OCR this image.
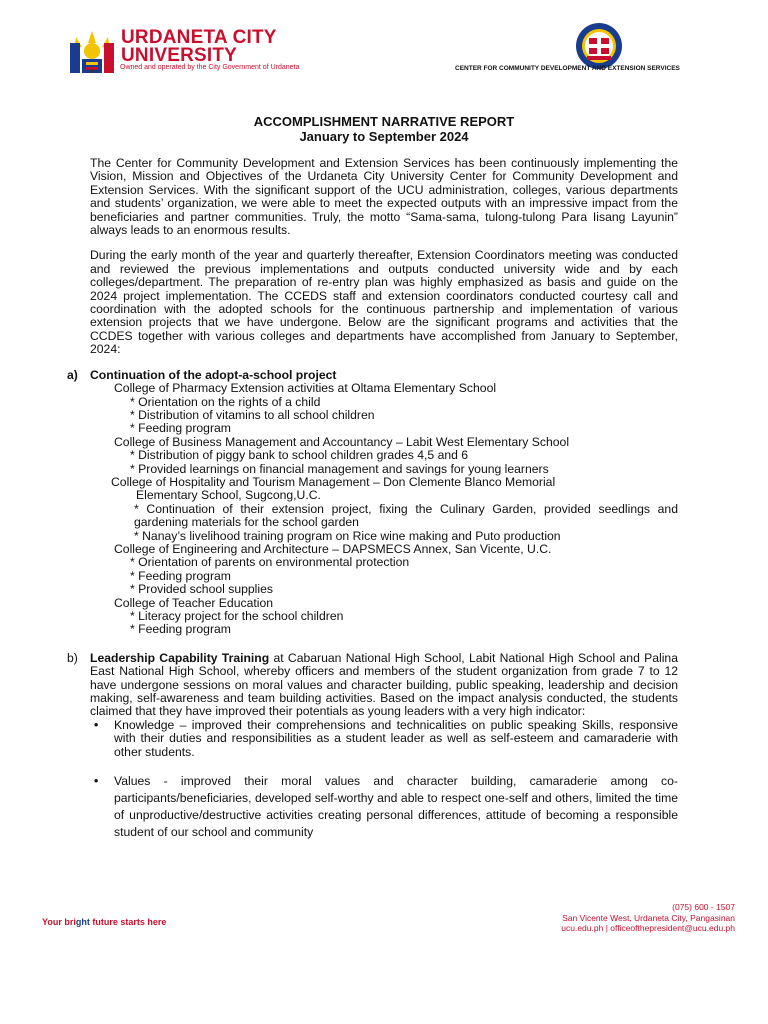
1966
URDANETA CITY
UNIVERSITY
Owned and operated by the City Government of Urdaneta	CENTER FOR COMMUNITY DEVELOPMENT AND EXTENSION SERVICES
ACCOMPLISHMENT NARRATIVE REPORT
January to September 2024

The Center for Community Development and Extension Services has been continuously implementing the Vision, Mission and Objectives of the Urdaneta City University Center for Community Development and Extension Services. With the significant support of the UCU administration, colleges, various departments and students’ organization, we were able to meet the expected outputs with an impressive impact from the beneficiaries and partner communities. Truly, the motto “Sama-sama, tulong-tulong Para Iisang Layunin” always leads to an enormous results.

During the early month of the year and quarterly thereafter, Extension Coordinators meeting was conducted and reviewed the previous implementations and outputs conducted university wide and by each colleges/department. The preparation of re-entry plan was highly emphasized as basis and guide on the 2024 project implementation. The CCEDS staff and extension coordinators conducted courtesy call and coordination with the adopted schools for the continuous partnership and implementation of various extension projects that we have undergone. Below are the significant programs and activities that the CCDES together with various colleges and departments have accomplished from January to September, 2024:

a) Continuation of the adopt-a-school project
College of Pharmacy Extension activities at Oltama Elementary School
* Orientation on the rights of a child
* Distribution of vitamins to all school children
* Feeding program
College of Business Management and Accountancy – Labit West Elementary School
* Distribution of piggy bank to school children grades 4,5 and 6
* Provided learnings on financial management and savings for young learners
College of Hospitality and Tourism Management – Don Clemente Blanco Memorial
Elementary School, Sugcong,U.C.
* Continuation of their extension project, fixing the Culinary Garden, provided seedlings and gardening materials for the school garden
* Nanay’s livelihood training program on Rice wine making and Puto production
College of Engineering and Architecture – DAPSMECS Annex, San Vicente, U.C.
* Orientation of parents on environmental protection
* Feeding program
* Provided school supplies
College of Teacher Education
* Literacy project for the school children
* Feeding program
b) Leadership Capability Training at Cabaruan National High School, Labit National High School and Palina East National High School, whereby officers and members of the student organization from grade 7 to 12 have undergone sessions on moral values and character building, public speaking, leadership and decision making, self-awareness and team building activities. Based on the impact analysis conducted, the students claimed that they have improved their potentials as young leaders with a very high indicator:
• Knowledge – improved their comprehensions and technicalities on public speaking Skills, responsive with their duties and responsibilities as a student leader as well as self-esteem and camaraderie with other students.
• Values - improved their moral values and character building, camaraderie among co-participants/beneficiaries, developed self-worthy and able to respect one-self and others, limited the time of unproductive/destructive activities creating personal differences, attitude of becoming a responsible student of our school and community
Your bright future starts here
(075) 600 - 1507
San Vicente West, Urdaneta City, Pangasinan
ucu.edu.ph | officeofthepresident@ucu.edu.ph
